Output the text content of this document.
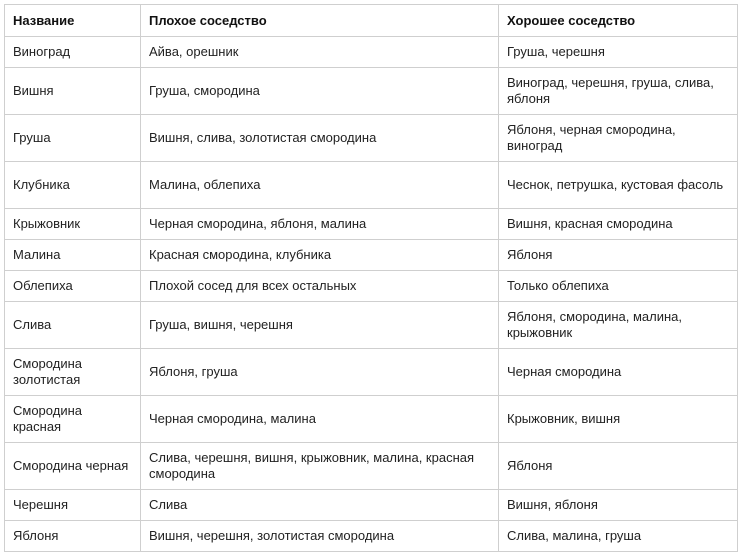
Название	Плохое соседство	Хорошее соседство
Виноград	Айва, орешник	Груша, черешня
Вишня	Груша, смородина	Виноград, черешня, груша, слива, яблоня
Груша	Вишня, слива, золотистая смородина	Яблоня, черная смородина, виноград
Клубника	Малина, облепиха	Чеснок, петрушка, кустовая фасоль
Крыжовник	Черная смородина, яблоня, малина	Вишня, красная смородина
Малина	Красная смородина, клубника	Яблоня
Облепиха	Плохой сосед для всех остальных	Только облепиха
Слива	Груша, вишня, черешня	Яблоня, смородина, малина, крыжовник
Смородина золотистая	Яблоня, груша	Черная смородина
Смородина красная	Черная смородина, малина	Крыжовник, вишня
Смородина черная	Слива, черешня, вишня, крыжовник, малина, красная смородина	Яблоня
Черешня	Слива	Вишня, яблоня
Яблоня	Вишня, черешня, золотистая смородина	Слива, малина, груша
